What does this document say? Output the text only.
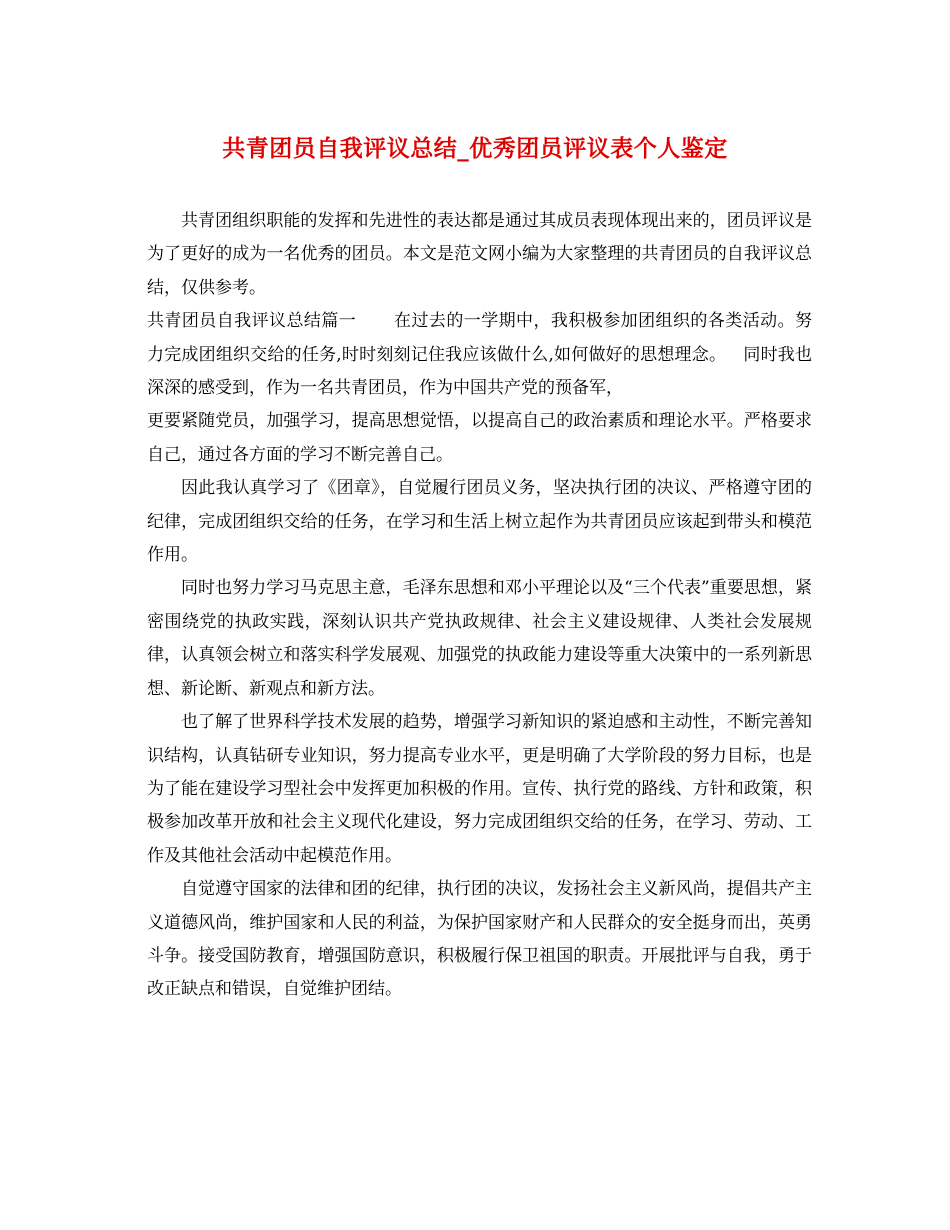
共青团员自我评议总结_优秀团员评议表个人鉴定

共青团组织职能的发挥和先进性的表达都是通过其成员表现体现出来的，团员评议是为了更好的成为一名优秀的团员。本文是范文网小编为大家整理的共青团员的自我评议总结，仅供参考。

共青团员自我评议总结篇一 在过去的一学期中，我积极参加团组织的各类活动。努力完成团组织交给的任务,时时刻刻记住我应该做什么,如何做好的思想理念。 同时我也深深的感受到，作为一名共青团员，作为中国共产党的预备军，
更要紧随党员，加强学习，提高思想觉悟，以提高自己的政治素质和理论水平。严格要求自己，通过各方面的学习不断完善自己。

因此我认真学习了《团章》，自觉履行团员义务，坚决执行团的决议、严格遵守团的纪律，完成团组织交给的任务，在学习和生活上树立起作为共青团员应该起到带头和模范作用。

同时也努力学习马克思主意，毛泽东思想和邓小平理论以及“三个代表”重要思想，紧密围绕党的执政实践，深刻认识共产党执政规律、社会主义建设规律、人类社会发展规律，认真领会树立和落实科学发展观、加强党的执政能力建设等重大决策中的一系列新思想、新论断、新观点和新方法。

也了解了世界科学技术发展的趋势，增强学习新知识的紧迫感和主动性，不断完善知识结构，认真钻研专业知识，努力提高专业水平，更是明确了大学阶段的努力目标，也是为了能在建设学习型社会中发挥更加积极的作用。宣传、执行党的路线、方针和政策，积极参加改革开放和社会主义现代化建设，努力完成团组织交给的任务，在学习、劳动、工作及其他社会活动中起模范作用。

自觉遵守国家的法律和团的纪律，执行团的决议，发扬社会主义新风尚，提倡共产主义道德风尚，维护国家和人民的利益，为保护国家财产和人民群众的安全挺身而出，英勇斗争。接受国防教育，增强国防意识，积极履行保卫祖国的职责。开展批评与自我，勇于改正缺点和错误，自觉维护团结。
